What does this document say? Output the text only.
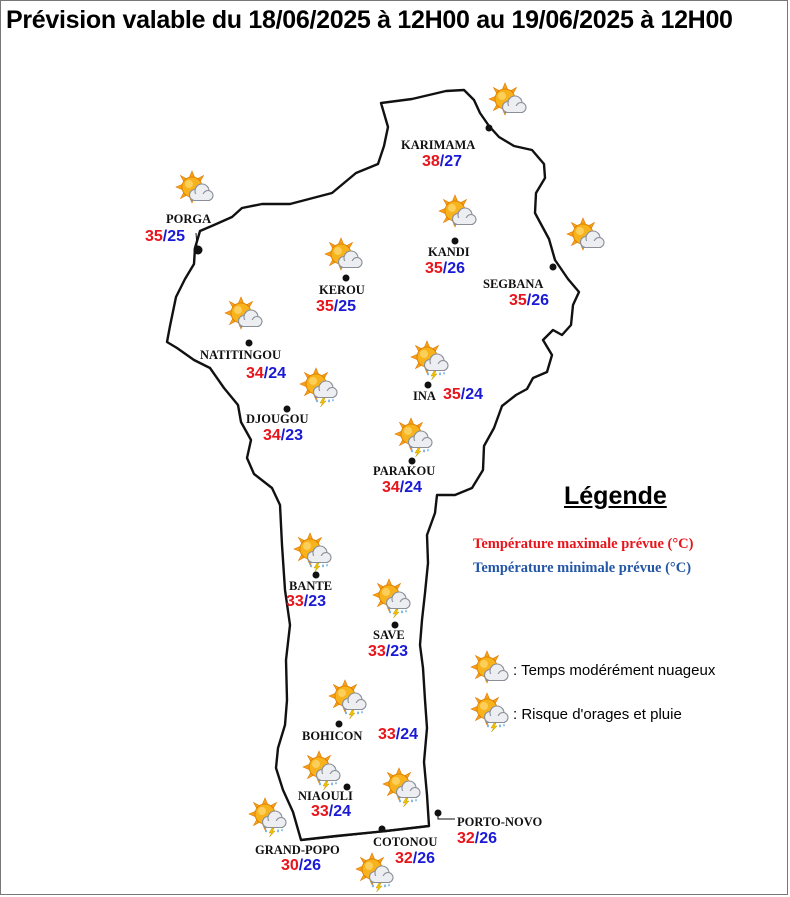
Prévision valable du 18/06/2025 à 12H00 au 19/06/2025 à 12H00
KARIMAMA
38/27
PORGA
35/25
KANDI
35/26
SEGBANA
35/26
KEROU
35/25
NATITINGOU
34/24
INA 35/24
DJOUGOU
34/23
PARAKOU
34/24
BANTE
33/23
SAVE
33/23
BOHICON 33/24
NIAOULI
33/24
PORTO-NOVO
32/26
GRAND-POPO
30/26
COTONOU
32/26
Légende
Température maximale prévue (°C)
Température minimale prévue (°C)
: Temps modérément nuageux
: Risque d'orages et pluie
